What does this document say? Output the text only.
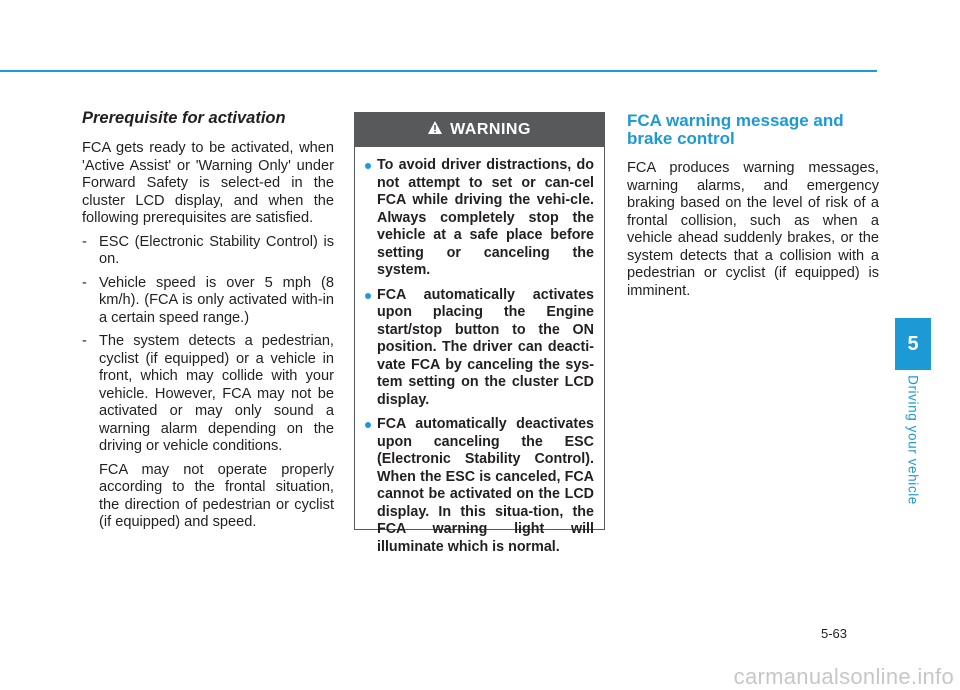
Prerequisite for activation

FCA gets ready to be activated, when 'Active Assist' or 'Warning Only' under Forward Safety is select-ed in the cluster LCD display, and when the following prerequisites are satisfied.

- ESC (Electronic Stability Control) is on.
- Vehicle speed is over 5 mph (8 km/h). (FCA is only activated with-in a certain speed range.)
- The system detects a pedestrian, cyclist (if equipped) or a vehicle in front, which may collide with your vehicle. However, FCA may not be activated or may only sound a warning alarm depending on the driving or vehicle conditions.

FCA may not operate properly according to the frontal situation, the direction of pedestrian or cyclist (if equipped) and speed.

WARNING
To avoid driver distractions, do not attempt to set or can-cel FCA while driving the vehi-cle. Always completely stop the vehicle at a safe place before setting or canceling the system.
FCA automatically activates upon placing the Engine start/stop button to the ON position. The driver can deacti-vate FCA by canceling the sys-tem setting on the cluster LCD display.
FCA automatically deactivates upon canceling the ESC (Electronic Stability Control). When the ESC is canceled, FCA cannot be activated on the LCD display. In this situa-tion, the FCA warning light will illuminate which is normal.
FCA warning message and brake control

FCA produces warning messages, warning alarms, and emergency braking based on the level of risk of a frontal collision, such as when a vehicle ahead suddenly brakes, or the system detects that a collision with a pedestrian or cyclist (if equipped) is imminent.

5
Driving your vehicle
5-63
carmanualsonline.info
